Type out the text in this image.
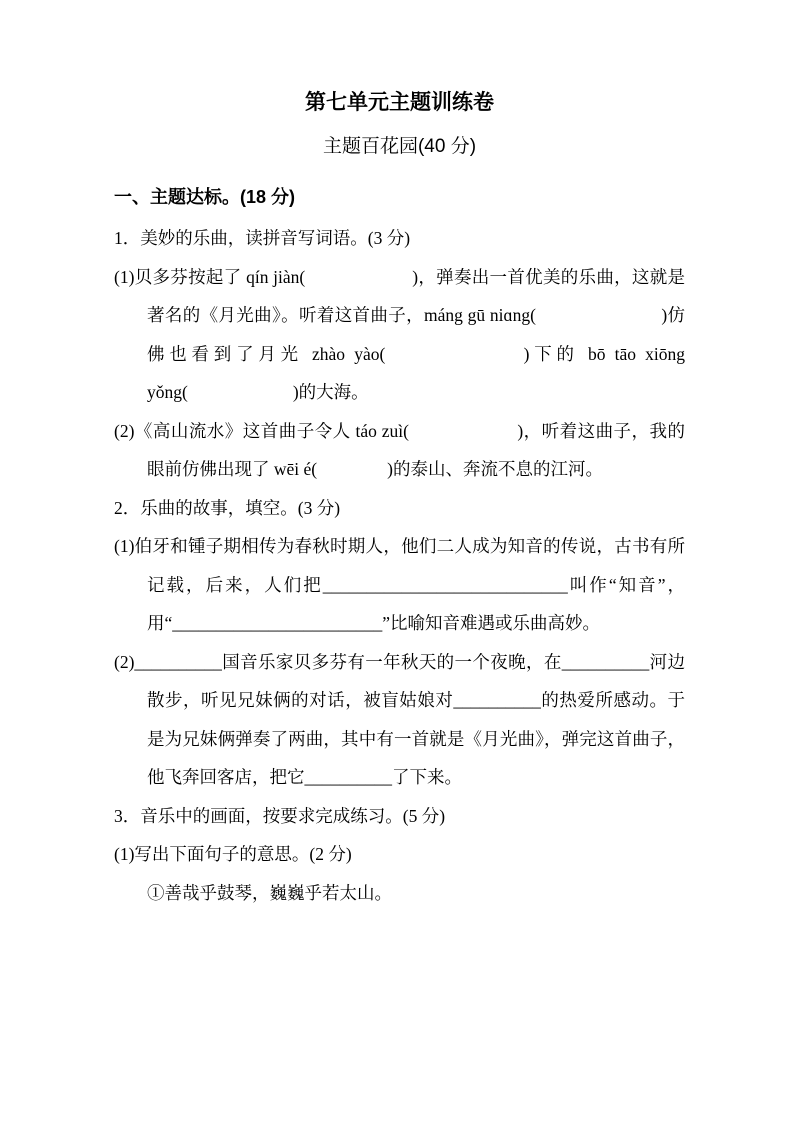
第七单元主题训练卷
主题百花园(40 分)
一、主题达标。(18 分)
1．美妙的乐曲，读拼音写词语。(3 分)
(1)贝多芬按起了 qín jiàn(　　　　　　)，弹奏出一首优美的乐曲，这就是著名的《月光曲》。听着这首曲子，máng gū niɑng(　　　　　　　)仿佛也看到了月光 zhào yào(　　　　　　)下的 bō tāo xiōng yǒng(　　　　　　)的大海。
(2)《高山流水》这首曲子令人 táo zuì(　　　　　　)，听着这曲子，我的眼前仿佛出现了 wēi é(　　　　)的泰山、奔流不息的江河。
2．乐曲的故事，填空。(3 分)
(1)伯牙和锺子期相传为春秋时期人，他们二人成为知音的传说，古书有所记载，后来，人们把____________________________叫作“知音”，用“________________________”比喻知音难遇或乐曲高妙。
(2)__________国音乐家贝多芬有一年秋天的一个夜晚，在__________河边散步，听见兄妹俩的对话，被盲姑娘对__________的热爱所感动。于是为兄妹俩弹奏了两曲，其中有一首就是《月光曲》，弹完这首曲子，他飞奔回客店，把它__________了下来。
3．音乐中的画面，按要求完成练习。(5 分)
(1)写出下面句子的意思。(2 分)
①善哉乎鼓琴，巍巍乎若太山。
